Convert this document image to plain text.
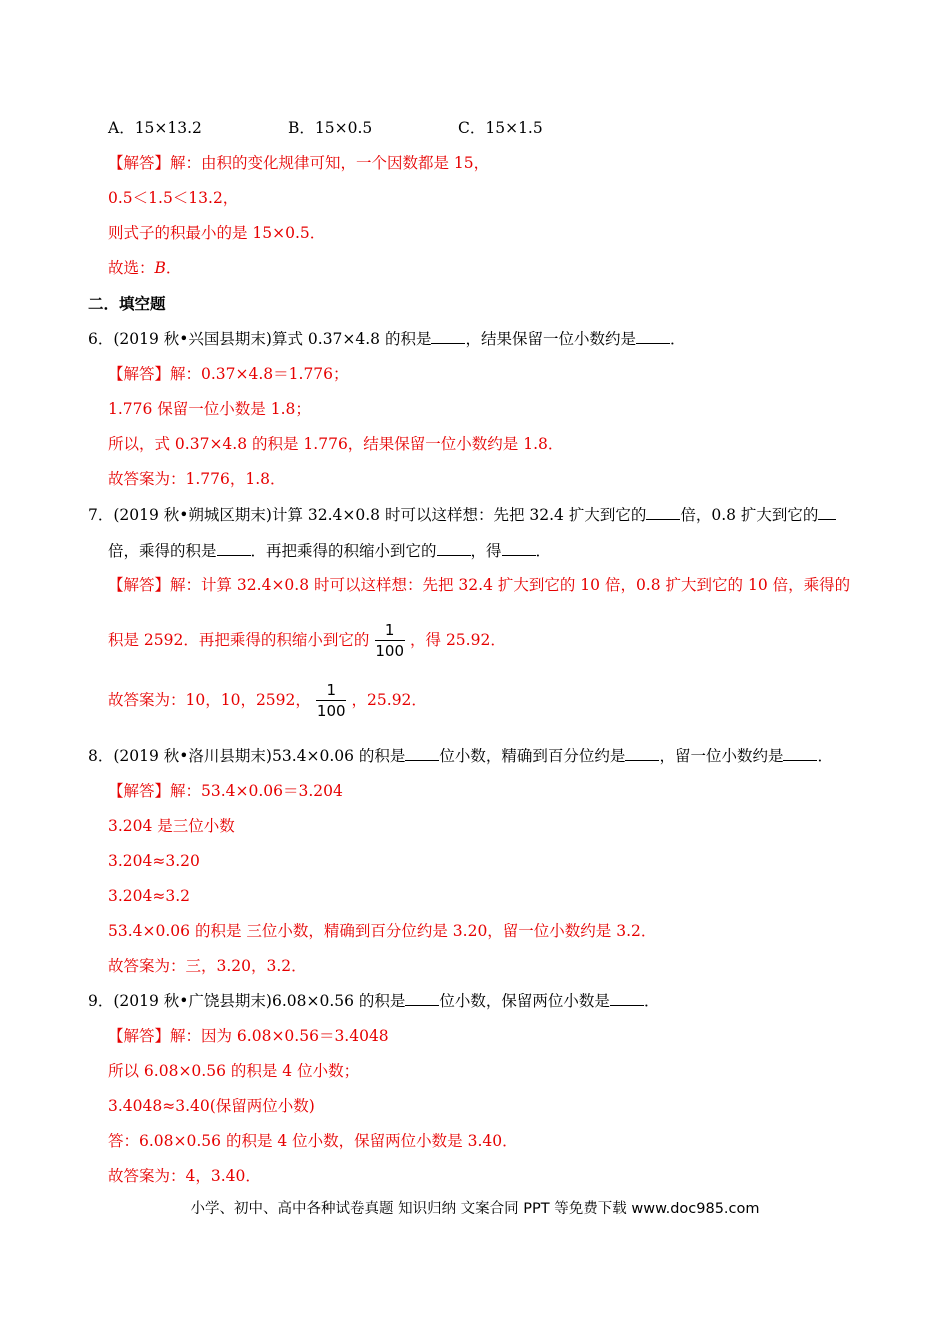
A．15×13.2	B．15×0.5	C．15×1.5
【解答】解：由积的变化规律可知，一个因数都是 15，
0.5＜1.5＜13.2，
则式子的积最小的是 15×0.5．
故选：B．
二．填空题
6．(2019 秋•兴国县期末)算式 0.37×4.8 的积是 ，结果保留一位小数约是 ．
【解答】解：0.37×4.8＝1.776；
1.776 保留一位小数是 1.8；
所以，式 0.37×4.8 的积是 1.776，结果保留一位小数约是 1.8．
故答案为：1.776，1.8．
7．(2019 秋•朔城区期末)计算 32.4×0.8 时可以这样想：先把 32.4 扩大到它的 倍，0.8 扩大到它的
倍，乘得的积是 ．再把乘得的积缩小到它的 ，得 ．
【解答】解：计算 32.4×0.8 时可以这样想：先把 32.4 扩大到它的 10 倍，0.8 扩大到它的 10 倍，乘得的
积是 2592．再把乘得的积缩小到它的 $\frac{1}{100}$ ，得 25.92．
故答案为：10，10，2592， $\frac{1}{100}$ ，25.92．
8．(2019 秋•洛川县期末)53.4×0.06 的积是 位小数，精确到百分位约是 ，留一位小数约是 ．
【解答】解：53.4×0.06＝3.204
3.204 是三位小数
3.204≈3.20
3.204≈3.2
53.4×0.06 的积是 三位小数，精确到百分位约是 3.20，留一位小数约是 3.2．
故答案为：三，3.20，3.2．
9．(2019 秋•广饶县期末)6.08×0.56 的积是 位小数，保留两位小数是 ．
【解答】解：因为 6.08×0.56＝3.4048
所以 6.08×0.56 的积是 4 位小数；
3.4048≈3.40(保留两位小数)
答：6.08×0.56 的积是 4 位小数，保留两位小数是 3.40．
故答案为：4，3.40．
小学、初中、高中各种试卷真题 知识归纳 文案合同 PPT 等免费下载 www.doc985.com
